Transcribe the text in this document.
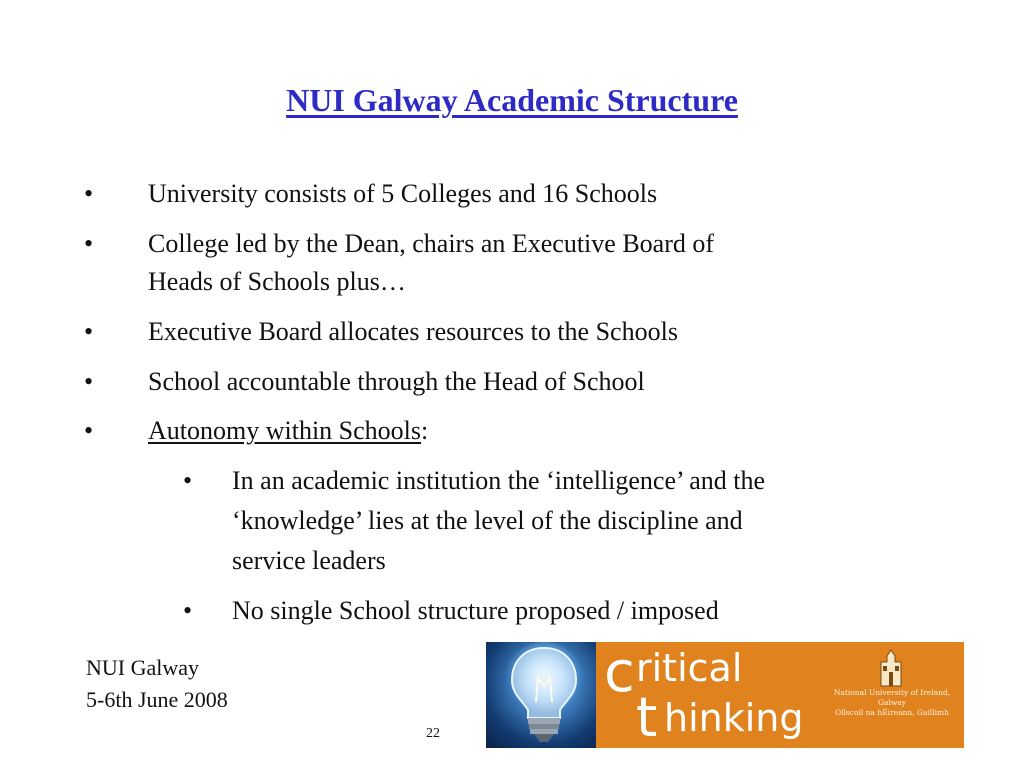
NUI Galway Academic Structure
• University consists of 5 Colleges and 16 Schools
• College led by the Dean, chairs an Executive Board of
Heads of Schools plus…
• Executive Board allocates resources to the Schools
• School accountable through the Head of School
• Autonomy within Schools:
• In an academic institution the ‘intelligence’ and the
‘knowledge’ lies at the level of the discipline and
service leaders
• No single School structure proposed / imposed
NUI Galway
5-6th June 2008
22
c ritical
t hinking
National University of Ireland, Galway
Ollscoil na hÉireann, Gaillimh
